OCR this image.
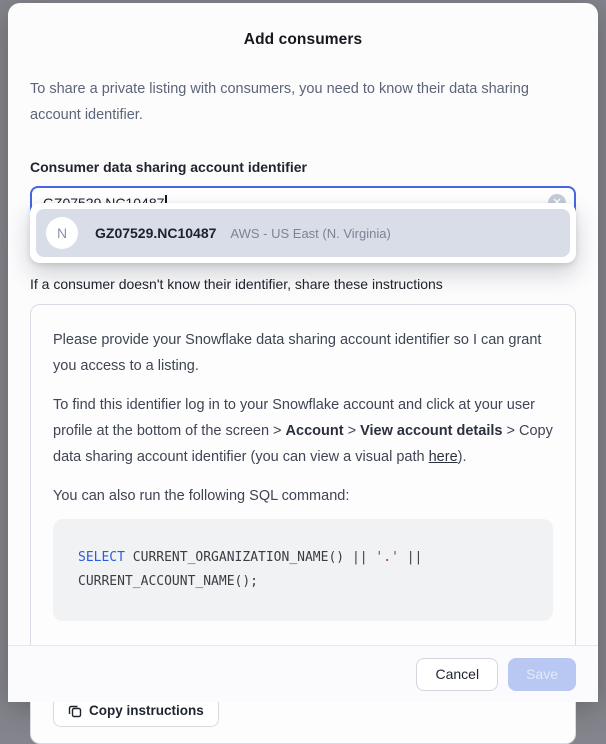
Add consumers
To share a private listing with consumers, you need to know their data sharing account identifier.
Consumer data sharing account identifier
If a consumer doesn't know their identifier, share these instructions

Please provide your Snowflake data sharing account identifier so I can grant you access to a listing.

To find this identifier log in to your Snowflake account and click at your user profile at the bottom of the screen > Account > View account details > Copy data sharing account identifier (you can view a visual path here).

You can also run the following SQL command:

SELECT CURRENT_ORGANIZATION_NAME() || '.' ||
CURRENT_ACCOUNT_NAME();

Copy instructions
N	GZ07529.NC10487 AWS - US East (N. Virginia)
Cancel	Save
